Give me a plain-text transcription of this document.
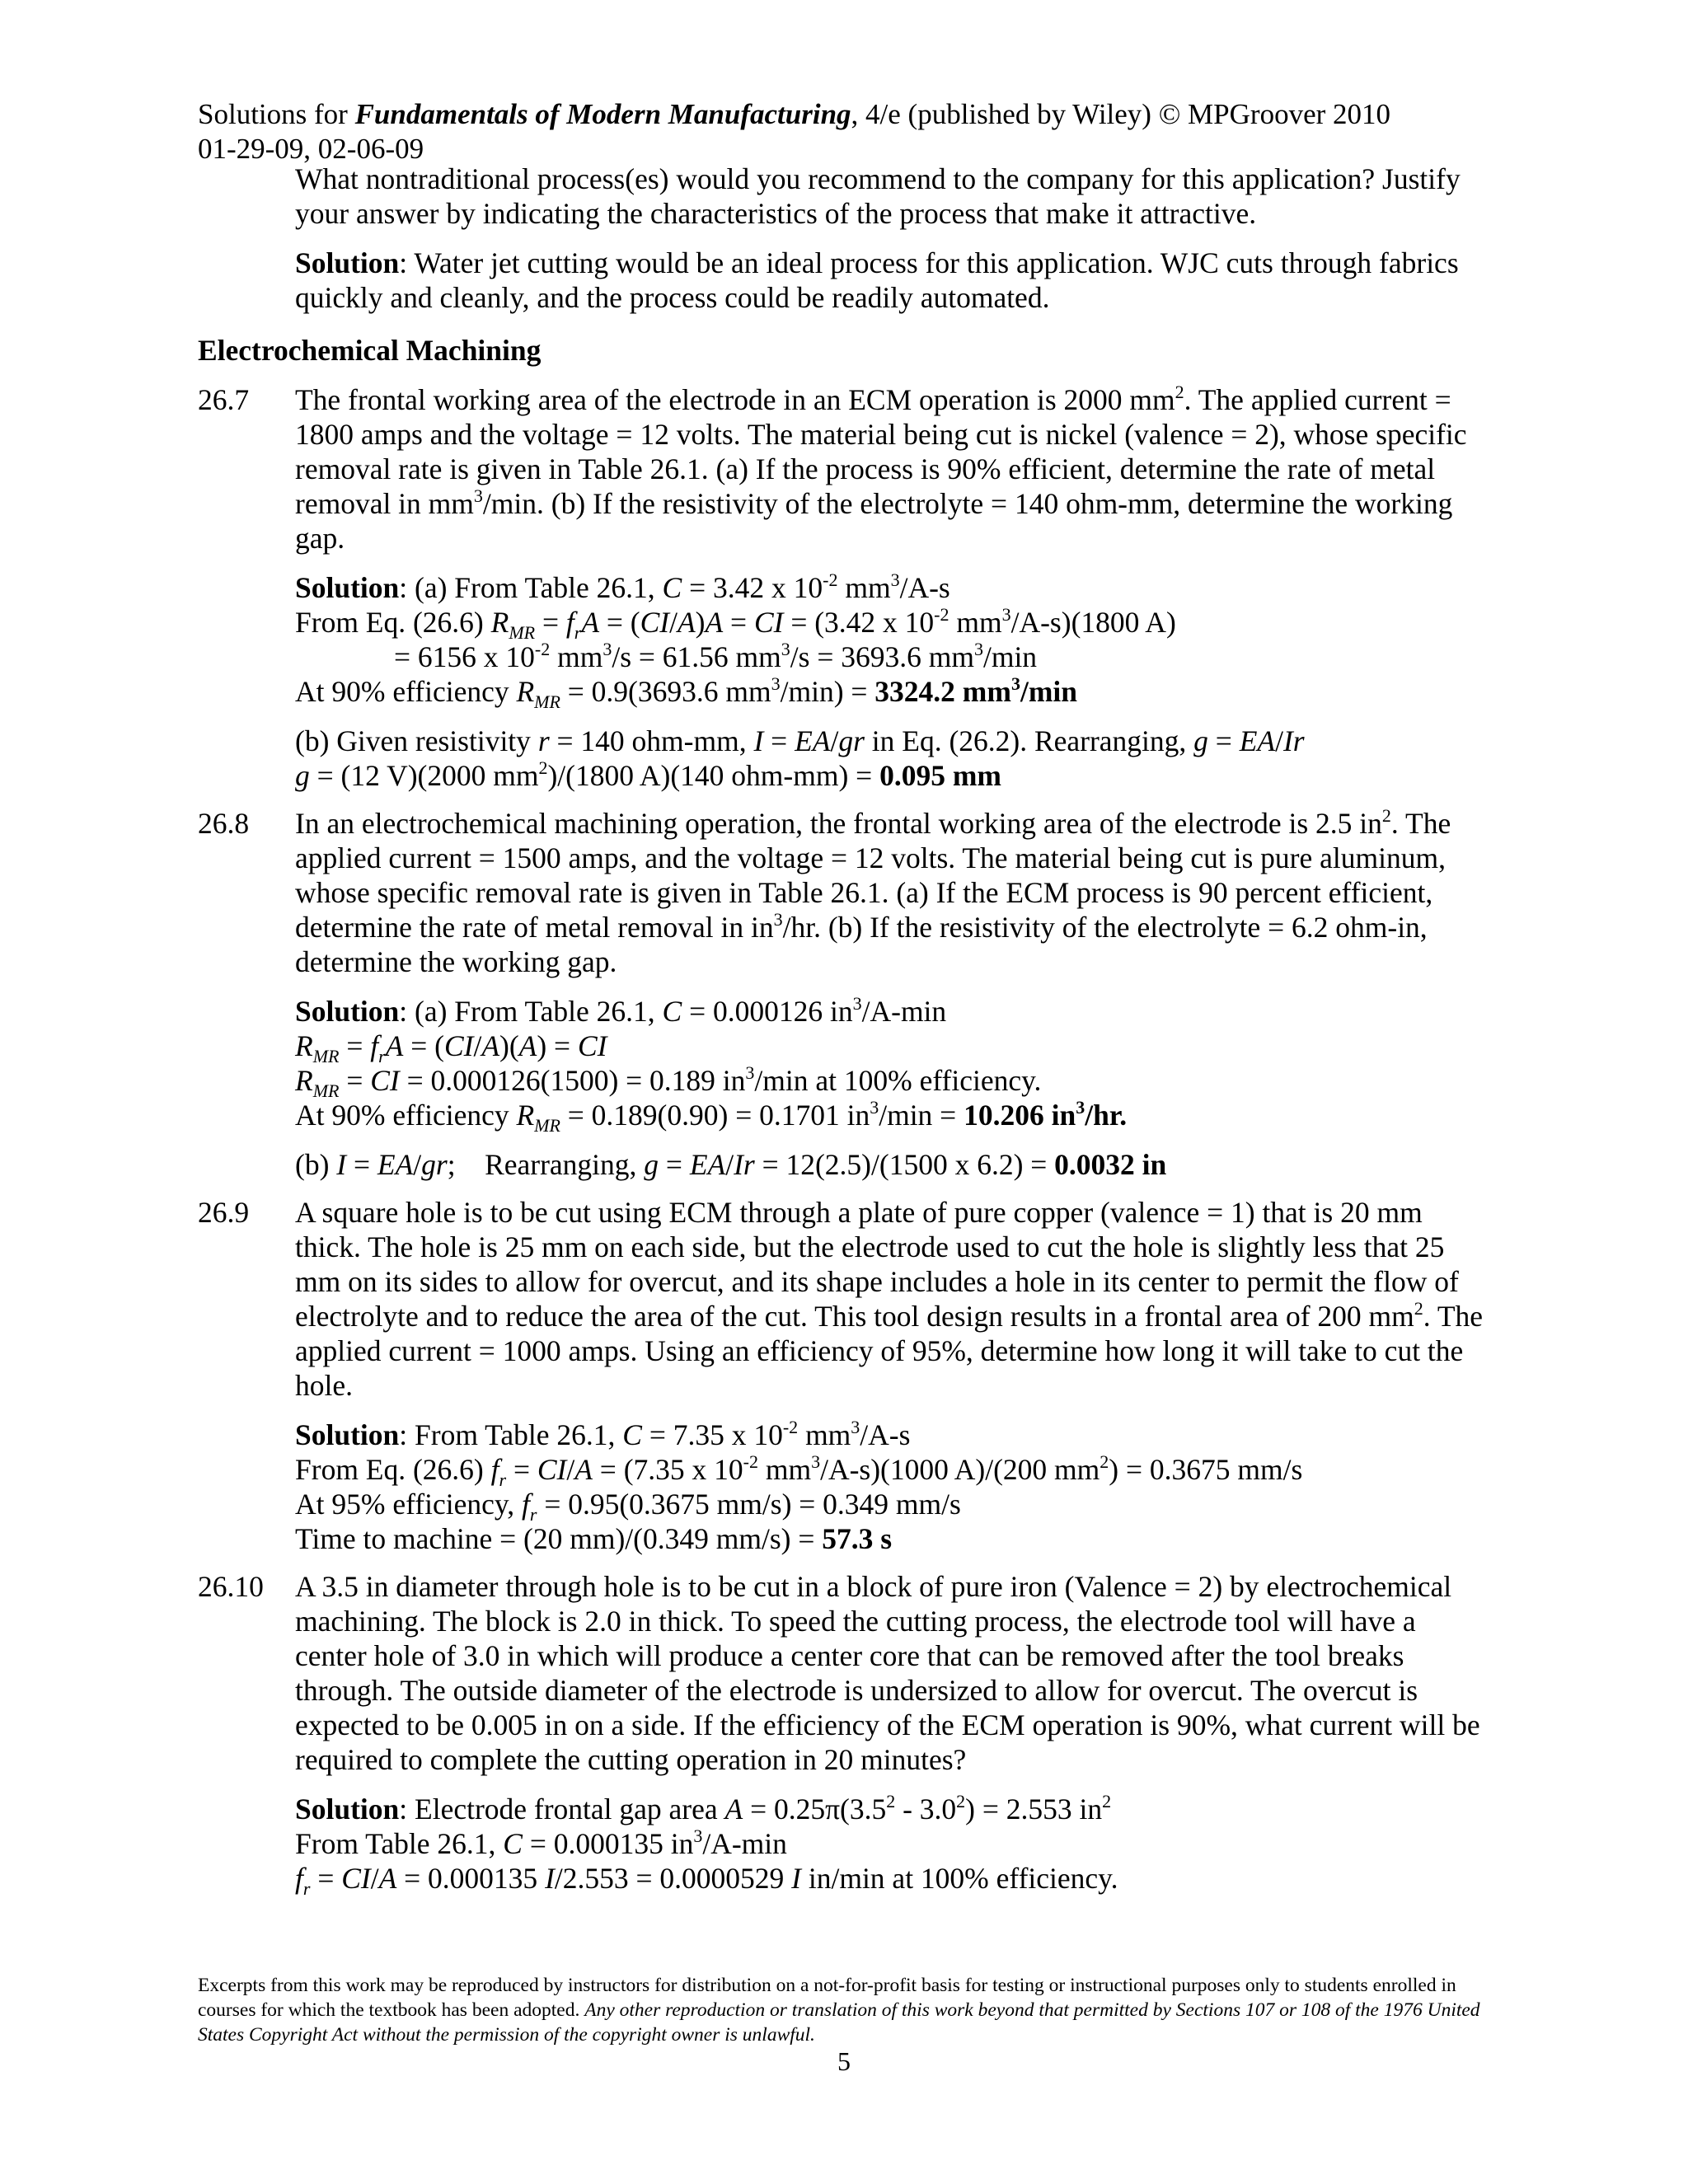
Solutions for Fundamentals of Modern Manufacturing, 4/e (published by Wiley) © MPGroover 2010
01-29-09, 02-06-09

What nontraditional process(es) would you recommend to the company for this application? Justify your answer by indicating the characteristics of the process that make it attractive.

Solution: Water jet cutting would be an ideal process for this application. WJC cuts through fabrics quickly and cleanly, and the process could be readily automated.

Electrochemical Machining
26.7	The frontal working area of the electrode in an ECM operation is 2000 $mm^2$. The applied current = 1800 amps and the voltage = 12 volts. The material being cut is nickel (valence = 2), whose specific removal rate is given in Table 26.1. (a) If the process is 90% efficient, determine the rate of metal removal in $mm^3/\min$. (b) If the resistivity of the electrolyte = 140 ohm-mm, determine the working gap.
Solution: (a) From Table 26.1, C = 3.42 x $10^{-2}$ $mm^3/A-s$
From Eq. (26.6) $R_{MR} = f_rA = (CI/A)A$ = CI = (3.42 x $10^{-2}$ $mm^3/A-s)(1800$ A)
= 6156 x $10^{-2}$ $mm^3/s = 61.56$ $mm^3/s = 3693.6$ $mm^3/\min$
At 90% efficiency $R_{MR} = 0.9(3693.6$ $mm^3/\min) = 3324.2$ $mm^3/\min$
(b) Given resistivity r = 140 ohm-mm, I = EA/gr in Eq. (26.2). Rearranging, g = EA/Ir
g = (12 V)(2000 $mm^2)/(1800$ A)(140 ohm-mm) = 0.095 mm
26.8	In an electrochemical machining operation, the frontal working area of the electrode is 2.5 $in^2$. The applied current = 1500 amps, and the voltage = 12 volts. The material being cut is pure aluminum, whose specific removal rate is given in Table 26.1. (a) If the ECM process is 90 percent efficient, determine the rate of metal removal in $in^3/hr$. (b) If the resistivity of the electrolyte = 6.2 ohm-in, determine the working gap.
Solution: (a) From Table 26.1, C = 0.000126 $in^3/A-\min$
$R_{MR} = f_rA = (CI/A)(A)$ = CI
$R_{MR}$ = CI = 0.000126(1500) = 0.189 $in^3/\min$ at 100% efficiency.
At 90% efficiency $R_{MR} = 0.189(0.90) = 0.1701$ $in^3/\min = 10.206$ $in^3/hr$.
(b) I = EA/gr;    Rearranging, g = EA/Ir = 12(2.5)/(1500 x 6.2) = 0.0032 in
26.9	A square hole is to be cut using ECM through a plate of pure copper (valence = 1) that is 20 mm thick. The hole is 25 mm on each side, but the electrode used to cut the hole is slightly less that 25 mm on its sides to allow for overcut, and its shape includes a hole in its center to permit the flow of electrolyte and to reduce the area of the cut. This tool design results in a frontal area of 200 $mm^2$. The applied current = 1000 amps. Using an efficiency of 95%, determine how long it will take to cut the hole.
Solution: From Table 26.1, C = 7.35 x $10^{-2}$ $mm^3/A-s$
From Eq. (26.6) $f_r = CI/A = (7.35$ x $10^{-2}$ $mm^3/A-s)(1000$ A)/(200 $mm^2) = 0.3675$ mm/s
At 95% efficiency, $f_r = 0.95(0.3675$ mm/s) = 0.349 mm/s
Time to machine = (20 mm)/(0.349 mm/s) = 57.3 s
26.10	A 3.5 in diameter through hole is to be cut in a block of pure iron (Valence = 2) by electrochemical machining. The block is 2.0 in thick. To speed the cutting process, the electrode tool will have a center hole of 3.0 in which will produce a center core that can be removed after the tool breaks through. The outside diameter of the electrode is undersized to allow for overcut. The overcut is expected to be 0.005 in on a side. If the efficiency of the ECM operation is 90%, what current will be required to complete the cutting operation in 20 minutes?
Solution: Electrode frontal gap area $A = 0.25\pi(3.5^2 - 3.0^2) = 2.553$ $in^2$
From Table 26.1, C = 0.000135 $in^3/A-\min$
$f_r = CI/A = 0.000135$ I/2.553 = 0.0000529 I in/min at 100% efficiency.
Excerpts from this work may be reproduced by instructors for distribution on a not-for-profit basis for testing or instructional purposes only to students enrolled in courses for which the textbook has been adopted. Any other reproduction or translation of this work beyond that permitted by Sections 107 or 108 of the 1976 United States Copyright Act without the permission of the copyright owner is unlawful.
5
